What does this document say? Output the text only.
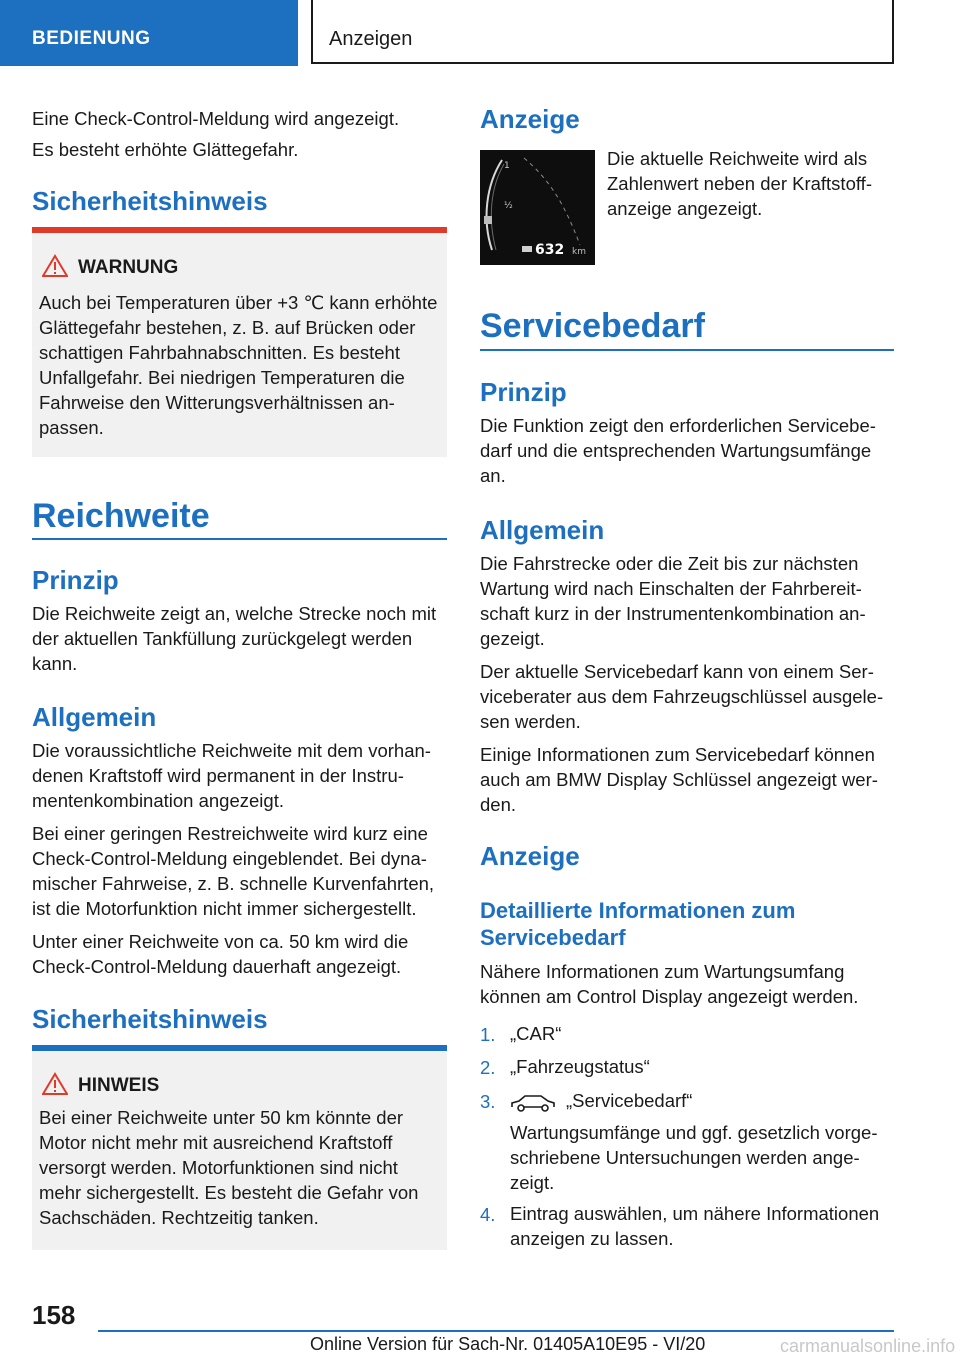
BEDIENUNG	Anzeigen

Eine Check-Control-Meldung wird angezeigt.

Es besteht erhöhte Glättegefahr.

Sicherheitshinweis
WARNUNG

Auch bei Temperaturen über +3 ℃ kann erhöhte Glättegefahr bestehen, z. B. auf Brücken oder schattigen Fahrbahnabschnitten. Es besteht Unfallgefahr. Bei niedrigen Temperaturen die Fahrweise den Witterungsverhältnissen anpassen.

Reichweite
Prinzip

Die Reichweite zeigt an, welche Strecke noch mit der aktuellen Tankfüllung zurückgelegt werden kann.

Allgemein

Die voraussichtliche Reichweite mit dem vorhandenen Kraftstoff wird permanent in der Instrumentenkombination angezeigt.

Bei einer geringen Restreichweite wird kurz eine Check-Control-Meldung eingeblendet. Bei dynamischer Fahrweise, z. B. schnelle Kurvenfahrten, ist die Motorfunktion nicht immer sichergestellt.

Unter einer Reichweite von ca. 50 km wird die Check-Control-Meldung dauerhaft angezeigt.

Sicherheitshinweis
HINWEIS

Bei einer Reichweite unter 50 km könnte der Motor nicht mehr mit ausreichend Kraftstoff versorgt werden. Motorfunktionen sind nicht mehr sichergestellt. Es besteht die Gefahr von Sachschäden. Rechtzeitig tanken.

Anzeige
1
½
632 km

Die aktuelle Reichweite wird als Zahlenwert neben der Kraftstoffanzeige angezeigt.

Servicebedarf
Prinzip

Die Funktion zeigt den erforderlichen Servicebedarf und die entsprechenden Wartungsumfänge an.

Allgemein

Die Fahrstrecke oder die Zeit bis zur nächsten Wartung wird nach Einschalten der Fahrbereitschaft kurz in der Instrumentenkombination angezeigt.

Der aktuelle Servicebedarf kann von einem Serviceberater aus dem Fahrzeugschlüssel ausgelesen werden.

Einige Informationen zum Servicebedarf können auch am BMW Display Schlüssel angezeigt werden.

Anzeige
Detaillierte Informationen zum Servicebedarf

Nähere Informationen zum Wartungsumfang können am Control Display angezeigt werden.

1. „CAR“

2. „Fahrzeugstatus“

3.	„Servicebedarf“

Wartungsumfänge und ggf. gesetzlich vorgeschriebene Untersuchungen werden angezeigt.

4. Eintrag auswählen, um nähere Informationen anzeigen zu lassen.

158
Online Version für Sach-Nr. 01405A10E95 - VI/20	carmanualsonline.info
